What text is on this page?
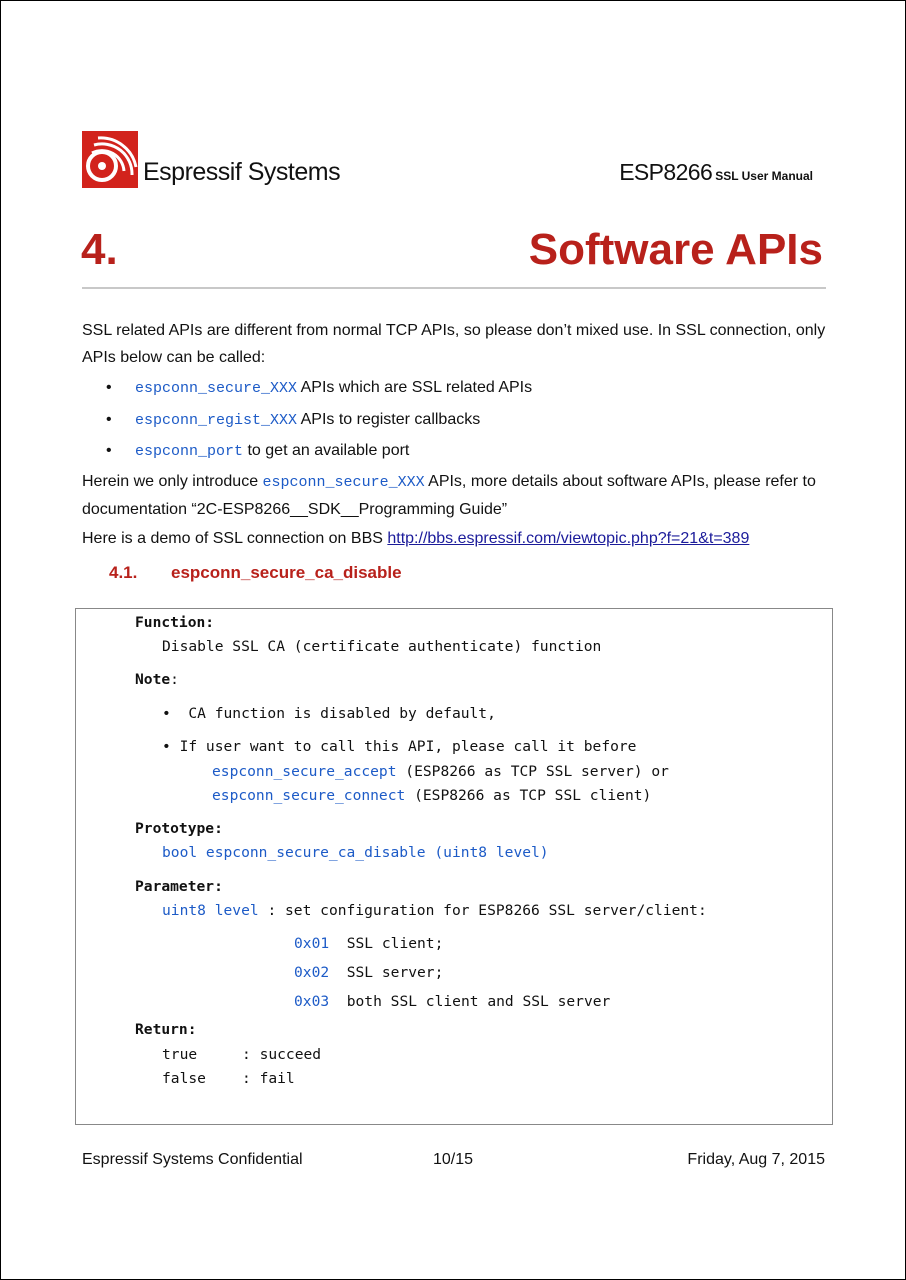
Espressif Systems	ESP8266 SSL User Manual
4.	Software APIs
SSL related APIs are different from normal TCP APIs, so please don’t mixed use. In SSL connection, only APIs below can be called:
• espconn_secure_XXX APIs which are SSL related APIs
• espconn_regist_XXX APIs to register callbacks
• espconn_port to get an available port
Herein we only introduce espconn_secure_XXX APIs, more details about software APIs, please refer to documentation “2C-ESP8266__SDK__Programming Guide”
Here is a demo of SSL connection on BBS http://bbs.espressif.com/viewtopic.php?f=21&t=389
4.1. espconn_secure_ca_disable
Function:
Disable SSL CA (certificate authenticate) function
Note:
•  CA function is disabled by default,
• If user want to call this API, please call it before
espconn_secure_accept (ESP8266 as TCP SSL server) or
espconn_secure_connect (ESP8266 as TCP SSL client)
Prototype:
bool espconn_secure_ca_disable (uint8 level)
Parameter:
uint8 level : set configuration for ESP8266 SSL server/client:
0x01 SSL client;
0x02 SSL server;
0x03 both SSL client and SSL server
Return:
true	: succeed
false : fail
Espressif Systems Confidential	10/15	Friday, Aug 7, 2015
